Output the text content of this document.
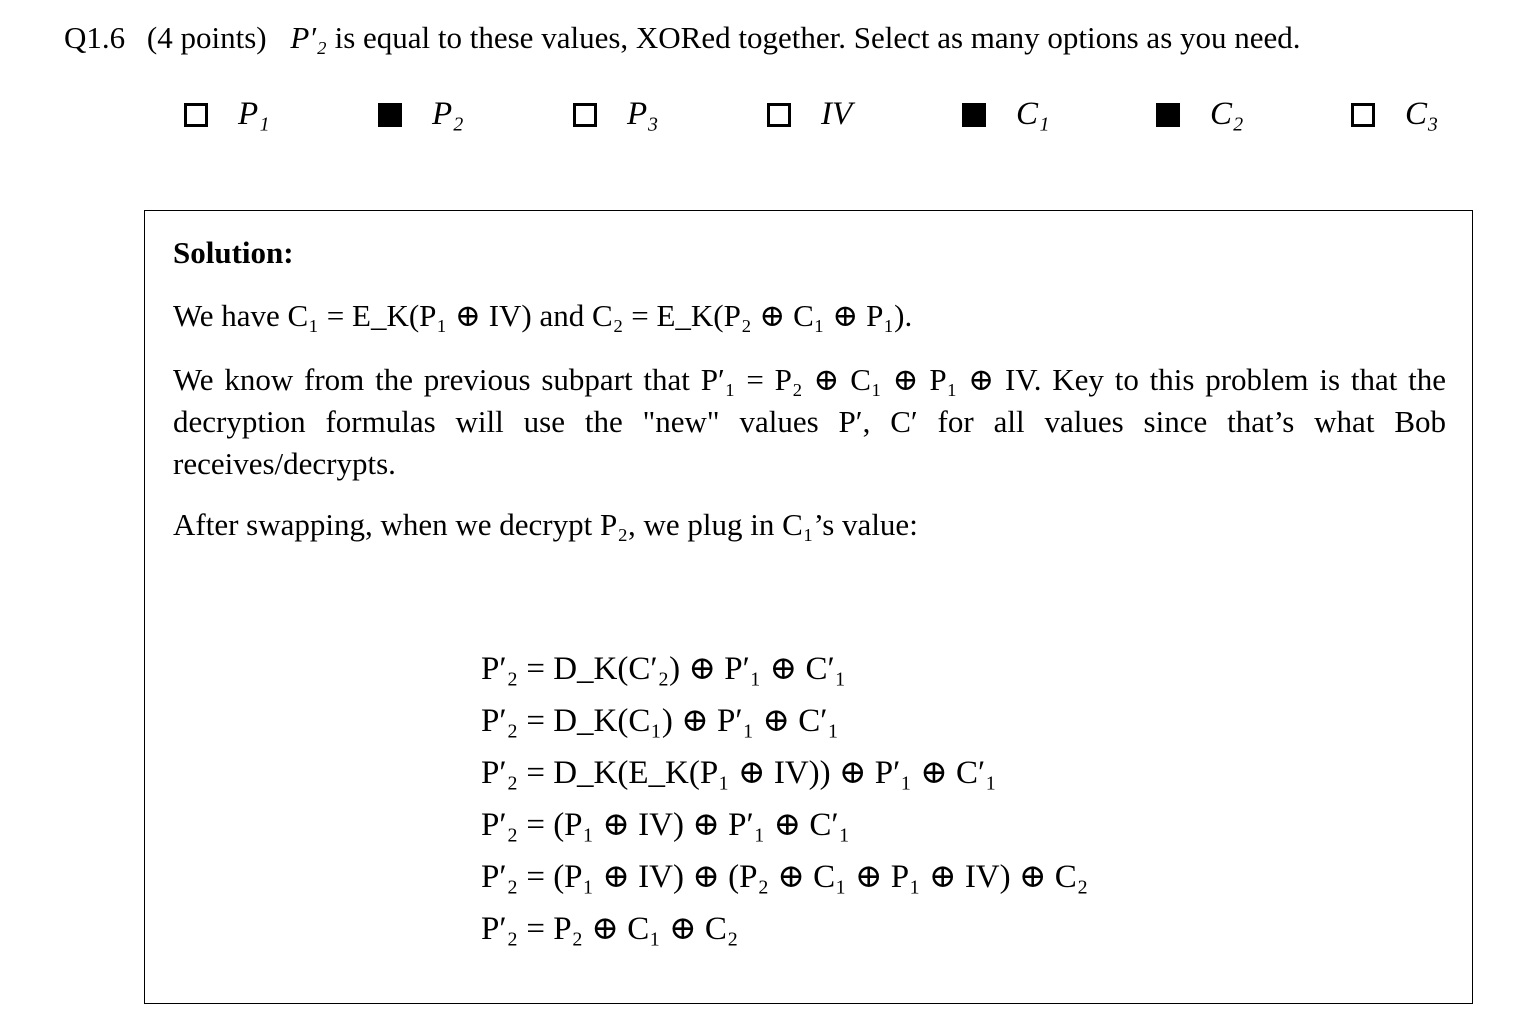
Q1.6 (4 points) P′₂ is equal to these values, XORed together. Select as many options as you need.
P₁	P₂	P₃	IV	C₁	C₂	C₃
Solution:
We have C₁ = E_K(P₁ ⊕ IV) and C₂ = E_K(P₂ ⊕ C₁ ⊕ P₁).
We know from the previous subpart that P′₁ = P₂ ⊕ C₁ ⊕ P₁ ⊕ IV. Key to this problem is that the decryption formulas will use the "new" values P′, C′ for all values since that’s what Bob receives/decrypts.
After swapping, when we decrypt P₂, we plug in C₁’s value:
P′₂ = D_K(C′₂) ⊕ P′₁ ⊕ C′₁
P′₂ = D_K(C₁) ⊕ P′₁ ⊕ C′₁
P′₂ = D_K(E_K(P₁ ⊕ IV)) ⊕ P′₁ ⊕ C′₁
P′₂ = (P₁ ⊕ IV) ⊕ P′₁ ⊕ C′₁
P′₂ = (P₁ ⊕ IV) ⊕ (P₂ ⊕ C₁ ⊕ P₁ ⊕ IV) ⊕ C₂
P′₂ = P₂ ⊕ C₁ ⊕ C₂
